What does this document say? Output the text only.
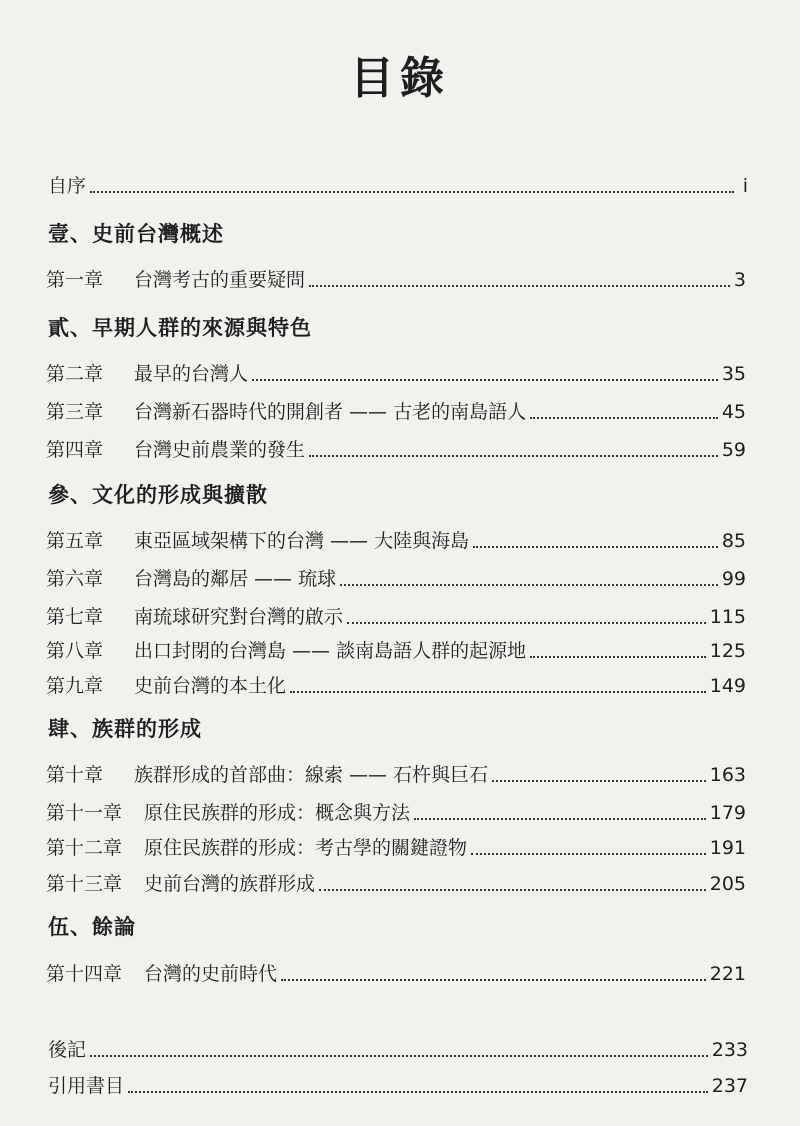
目錄
自序	i
壹、史前台灣概述
第一章	台灣考古的重要疑問	3
貳、早期人群的來源與特色
第二章	最早的台灣人	35
第三章	台灣新石器時代的開創者 —— 古老的南島語人	45
第四章	台灣史前農業的發生	59
參、文化的形成與擴散
第五章	東亞區域架構下的台灣 —— 大陸與海島	85
第六章	台灣島的鄰居 —— 琉球	99
第七章	南琉球研究對台灣的啟示	115
第八章	出口封閉的台灣島 —— 談南島語人群的起源地	125
第九章	史前台灣的本土化	149
肆、族群的形成
第十章	族群形成的首部曲：線索 —— 石杵與巨石	163
第十一章	原住民族群的形成：概念與方法	179
第十二章	原住民族群的形成：考古學的關鍵證物	191
第十三章	史前台灣的族群形成	205
伍、餘論
第十四章	台灣的史前時代	221
後記	233
引用書目	237
